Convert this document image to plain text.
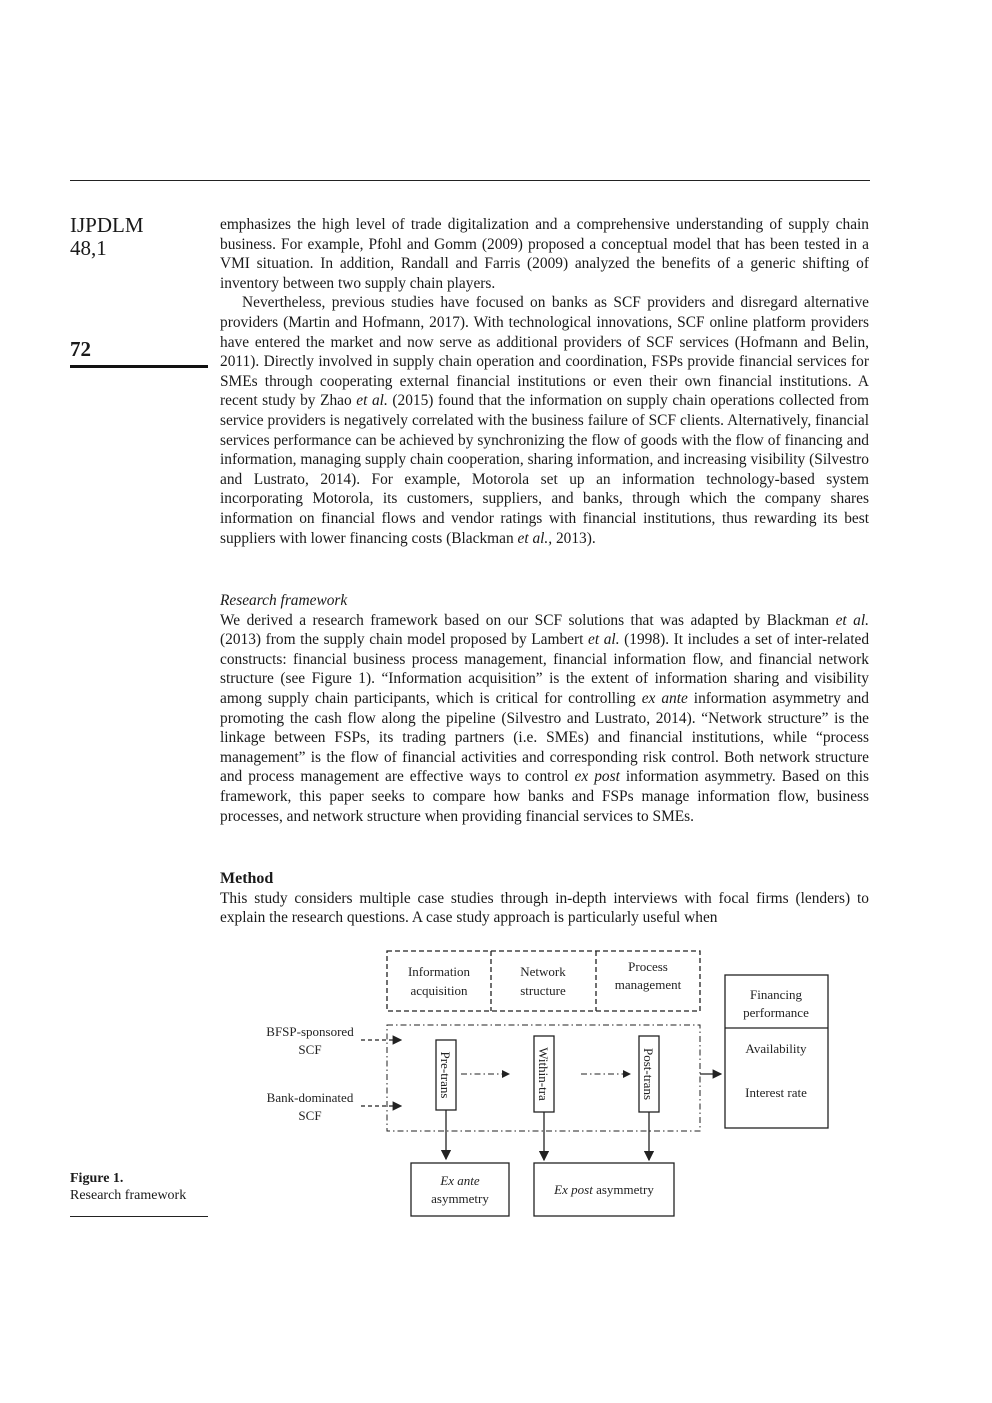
IJPDLM
48,1
72

emphasizes the high level of trade digitalization and a comprehensive understanding of supply chain business. For example, Pfohl and Gomm (2009) proposed a conceptual model that has been tested in a VMI situation. In addition, Randall and Farris (2009) analyzed the benefits of a generic shifting of inventory between two supply chain players.

Nevertheless, previous studies have focused on banks as SCF providers and disregard alternative providers (Martin and Hofmann, 2017). With technological innovations, SCF online platform providers have entered the market and now serve as additional providers of SCF services (Hofmann and Belin, 2011). Directly involved in supply chain operation and coordination, FSPs provide financial services for SMEs through cooperating external financial institutions or even their own financial institutions. A recent study by Zhao et al. (2015) found that the information on supply chain operations collected from service providers is negatively correlated with the business failure of SCF clients. Alternatively, financial services performance can be achieved by synchronizing the flow of goods with the flow of financing and information, managing supply chain cooperation, sharing information, and increasing visibility (Silvestro and Lustrato, 2014). For example, Motorola set up an information technology-based system incorporating Motorola, its customers, suppliers, and banks, through which the company shares information on financial flows and vendor ratings with financial institutions, thus rewarding its best suppliers with lower financing costs (Blackman et al., 2013).

Research framework

We derived a research framework based on our SCF solutions that was adapted by Blackman et al. (2013) from the supply chain model proposed by Lambert et al. (1998). It includes a set of inter-related constructs: financial business process management, financial information flow, and financial network structure (see Figure 1). “Information acquisition” is the extent of information sharing and visibility among supply chain participants, which is critical for controlling ex ante information asymmetry and promoting the cash flow along the pipeline (Silvestro and Lustrato, 2014). “Network structure” is the linkage between FSPs, its trading partners (i.e. SMEs) and financial institutions, while “process management” is the flow of financial activities and corresponding risk control. Both network structure and process management are effective ways to control ex post information asymmetry. Based on this framework, this paper seeks to compare how banks and FSPs manage information flow, business processes, and network structure when providing financial services to SMEs.

Method

This study considers multiple case studies through in-depth interviews with focal firms (lenders) to explain the research questions. A case study approach is particularly useful when

Information
acquisition
Network
structure
Process
management
Financing
performance
Availability
Interest rate
BFSP-sponsored
SCF
Bank-dominated
SCF
Pre-trans	Within-tra	Post-trans
Ex ante
asymmetry
Ex post asymmetry
Figure 1.
Research framework
